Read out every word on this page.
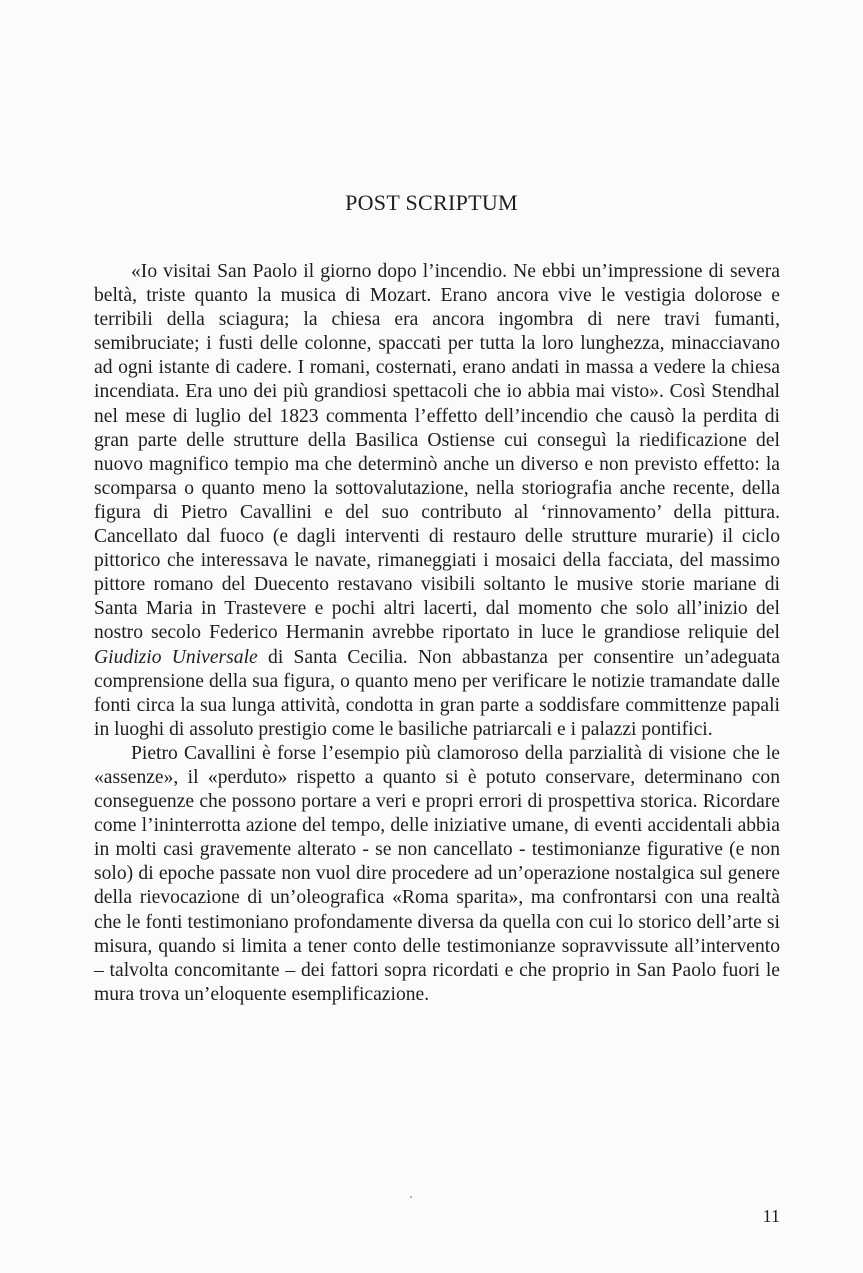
POST SCRIPTUM

«Io visitai San Paolo il giorno dopo l’incendio. Ne ebbi un’impressione di severa beltà, triste quanto la musica di Mozart. Erano ancora vive le vestigia dolorose e terribili della sciagura; la chiesa era ancora ingombra di nere travi fumanti, semibruciate; i fusti delle colonne, spaccati per tutta la loro lunghezza, minacciavano ad ogni istante di cadere. I romani, costernati, erano andati in massa a vedere la chiesa incendiata. Era uno dei più grandiosi spettacoli che io abbia mai visto». Così Stendhal nel mese di luglio del 1823 commenta l’effetto dell’incendio che causò la perdita di gran parte delle strutture della Basilica Ostiense cui conseguì la riedificazione del nuovo magnifico tempio ma che determinò anche un diverso e non previsto effetto: la scomparsa o quanto meno la sottovalutazione, nella storiografia anche recente, della figura di Pietro Cavallini e del suo contributo al ‘rinnovamento’ della pittura. Cancellato dal fuoco (e dagli interventi di restauro delle strutture murarie) il ciclo pittorico che interessava le navate, rimaneggiati i mosaici della facciata, del massimo pittore romano del Duecento restavano visibili soltanto le musive storie mariane di Santa Maria in Trastevere e pochi altri lacerti, dal momento che solo all’inizio del nostro secolo Federico Hermanin avrebbe riportato in luce le grandiose reliquie del Giudizio Universale di Santa Cecilia. Non abbastanza per consentire un’adeguata comprensione della sua figura, o quanto meno per verificare le notizie tramandate dalle fonti circa la sua lunga attività, condotta in gran parte a soddisfare committenze papali in luoghi di assoluto prestigio come le basiliche patriarcali e i palazzi pontifici.

Pietro Cavallini è forse l’esempio più clamoroso della parzialità di visione che le «assenze», il «perduto» rispetto a quanto si è potuto conservare, determinano con conseguenze che possono portare a veri e propri errori di prospettiva storica. Ricordare come l’ininterrotta azione del tempo, delle iniziative umane, di eventi accidentali abbia in molti casi gravemente alterato - se non cancellato - testimonianze figurative (e non solo) di epoche passate non vuol dire procedere ad un’operazione nostalgica sul genere della rievocazione di un’oleografica «Roma sparita», ma confrontarsi con una realtà che le fonti testimoniano profondamente diversa da quella con cui lo storico dell’arte si misura, quando si limita a tener conto delle testimonianze sopravvissute all’intervento – talvolta concomitante – dei fattori sopra ricordati e che proprio in San Paolo fuori le mura trova un’eloquente esemplificazione.

11
